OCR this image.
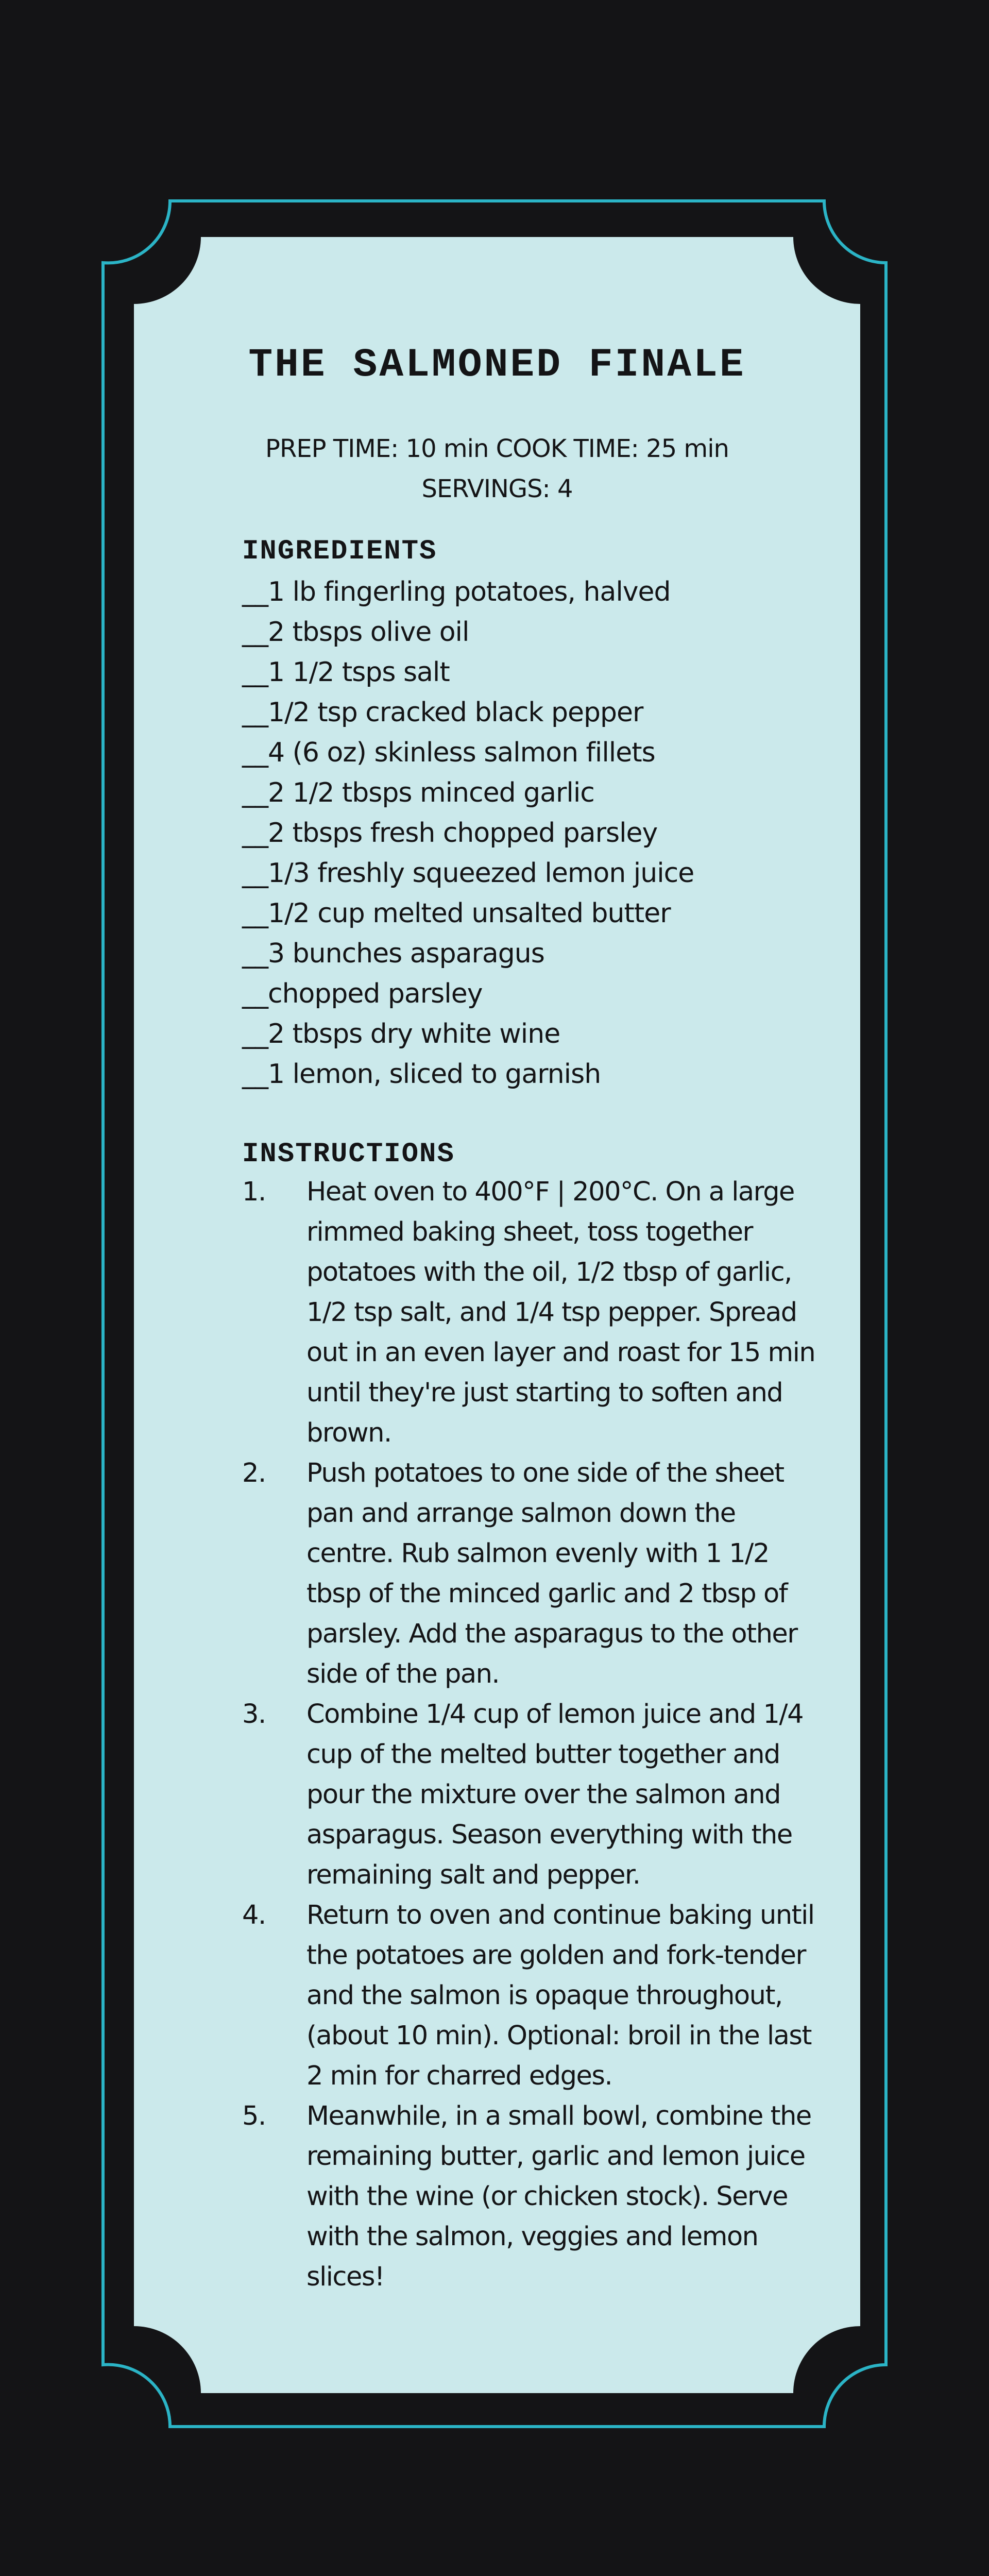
THE SALMONED FINALE
PREP TIME: 10 min COOK TIME: 25 min
SERVINGS: 4
INGREDIENTS
__1 lb fingerling potatoes, halved
__2 tbsps olive oil
__1 1/2 tsps salt
__1/2 tsp cracked black pepper
__4 (6 oz) skinless salmon fillets
__2 1/2 tbsps minced garlic
__2 tbsps fresh chopped parsley
__1/3 freshly squeezed lemon juice
__1/2 cup melted unsalted butter
__3 bunches asparagus
__chopped parsley
__2 tbsps dry white wine
__1 lemon, sliced to garnish
INSTRUCTIONS
1.	Heat oven to 400°F | 200°C. On a large rimmed baking sheet, toss together potatoes with the oil, 1/2 tbsp of garlic, 1/2 tsp salt, and 1/4 tsp pepper. Spread out in an even layer and roast for 15 min until they're just starting to soften and brown.
2.	Push potatoes to one side of the sheet pan and arrange salmon down the centre. Rub salmon evenly with 1 1/2 tbsp of the minced garlic and 2 tbsp of parsley. Add the asparagus to the other side of the pan.
3.	Combine 1/4 cup of lemon juice and 1/4 cup of the melted butter together and pour the mixture over the salmon and asparagus. Season everything with the remaining salt and pepper.
4.	Return to oven and continue baking until the potatoes are golden and fork-tender and the salmon is opaque throughout, (about 10 min). Optional: broil in the last 2 min for charred edges.
5.	Meanwhile, in a small bowl, combine the remaining butter, garlic and lemon juice with the wine (or chicken stock). Serve with the salmon, veggies and lemon slices!
